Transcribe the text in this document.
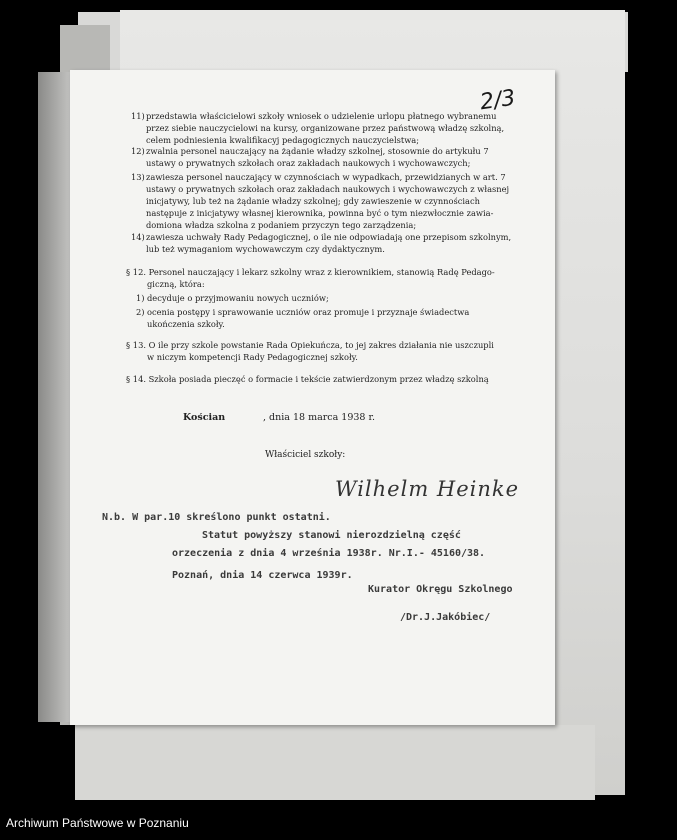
2/3
11) przedstawia właścicielowi szkoły wniosek o udzielenie urlopu płatnego wybranemu
przez siebie nauczycielowi na kursy, organizowane przez państwową władzę szkolną,
celem podniesienia kwalifikacyj pedagogicznych nauczycielstwa;
12) zwalnia personel nauczający na żądanie władzy szkolnej, stosownie do artykułu 7
ustawy o prywatnych szkołach oraz zakładach naukowych i wychowawczych;
13) zawiesza personel nauczający w czynnościach w wypadkach, przewidzianych w art. 7
ustawy o prywatnych szkołach oraz zakładach naukowych i wychowawczych z własnej
inicjatywy, lub też na żądanie władzy szkolnej; gdy zawieszenie w czynnościach
następuje z inicjatywy własnej kierownika, powinna być o tym niezwłocznie zawia-
domiona władza szkolna z podaniem przyczyn tego zarządzenia;
14) zawiesza uchwały Rady Pedagogicznej, o ile nie odpowiadają one przepisom szkolnym,
lub też wymaganiom wychowawczym czy dydaktycznym.
§ 12. Personel nauczający i lekarz szkolny wraz z kierownikiem, stanowią Radę Pedago-
giczną, która:
1) decyduje o przyjmowaniu nowych uczniów;
2) ocenia postępy i sprawowanie uczniów oraz promuje i przyznaje świadectwa
ukończenia szkoły.
§ 13. O ile przy szkole powstanie Rada Opiekuńcza, to jej zakres działania nie uszczupli
w niczym kompetencji Rady Pedagogicznej szkoły.
§ 14. Szkoła posiada pieczęć o formacie i tekście zatwierdzonym przez władzę szkolną
Kościan	, dnia 18 marca 1938 r.
Właściciel szkoły:
Wilhelm Heinke
N.b. W par.10 skreślono punkt ostatni.
Statut powyższy stanowi nierozdzielną część
orzeczenia z dnia 4 września 1938r. Nr.I.- 45160/38.
Poznań, dnia 14 czerwca 1939r.
Kurator Okręgu Szkolnego
/Dr.J.Jakóbiec/
Archiwum Państwowe w Poznaniu
